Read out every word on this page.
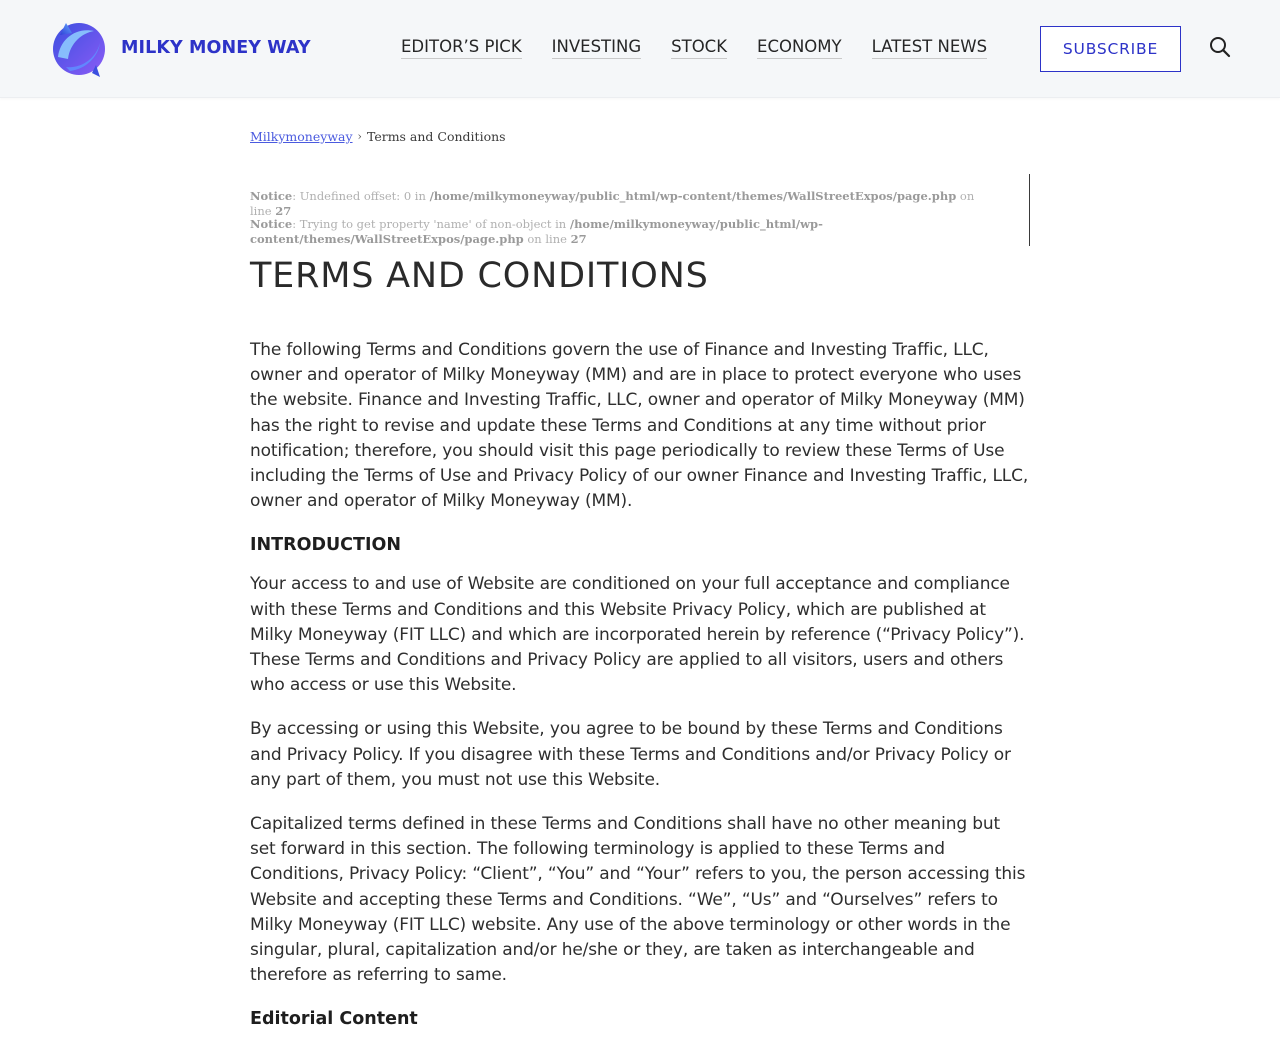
MILKY MONEY WAY	EDITOR’S PICK INVESTING STOCK ECONOMY LATEST NEWS	SUBSCRIBE
Milkymoneyway › Terms and Conditions
Notice: Undefined offset: 0 in /home/milkymoneyway/public_html/wp-content/themes/WallStreetExpos/page.php on line 27
Notice: Trying to get property 'name' of non-object in /home/milkymoneyway/public_html/wp-content/themes/WallStreetExpos/page.php on line 27
TERMS AND CONDITIONS

The following Terms and Conditions govern the use of Finance and Investing Traffic, LLC, owner and operator of Milky Moneyway (MM) and are in place to protect everyone who uses the website. Finance and Investing Traffic, LLC, owner and operator of Milky Moneyway (MM) has the right to revise and update these Terms and Conditions at any time without prior notification; therefore, you should visit this page periodically to review these Terms of Use including the Terms of Use and Privacy Policy of our owner Finance and Investing Traffic, LLC, owner and operator of Milky Moneyway (MM).

INTRODUCTION

Your access to and use of Website are conditioned on your full acceptance and compliance with these Terms and Conditions and this Website Privacy Policy, which are published at Milky Moneyway (FIT LLC) and which are incorporated herein by reference (“Privacy Policy”). These Terms and Conditions and Privacy Policy are applied to all visitors, users and others who access or use this Website.

By accessing or using this Website, you agree to be bound by these Terms and Conditions and Privacy Policy. If you disagree with these Terms and Conditions and/or Privacy Policy or any part of them, you must not use this Website.

Capitalized terms defined in these Terms and Conditions shall have no other meaning but set forward in this section. The following terminology is applied to these Terms and Conditions, Privacy Policy: “Client”, “You” and “Your” refers to you, the person accessing this Website and accepting these Terms and Conditions. “We”, “Us” and “Ourselves” refers to Milky Moneyway (FIT LLC) website. Any use of the above terminology or other words in the singular, plural, capitalization and/or he/she or they, are taken as interchangeable and therefore as referring to same.

Editorial Content
